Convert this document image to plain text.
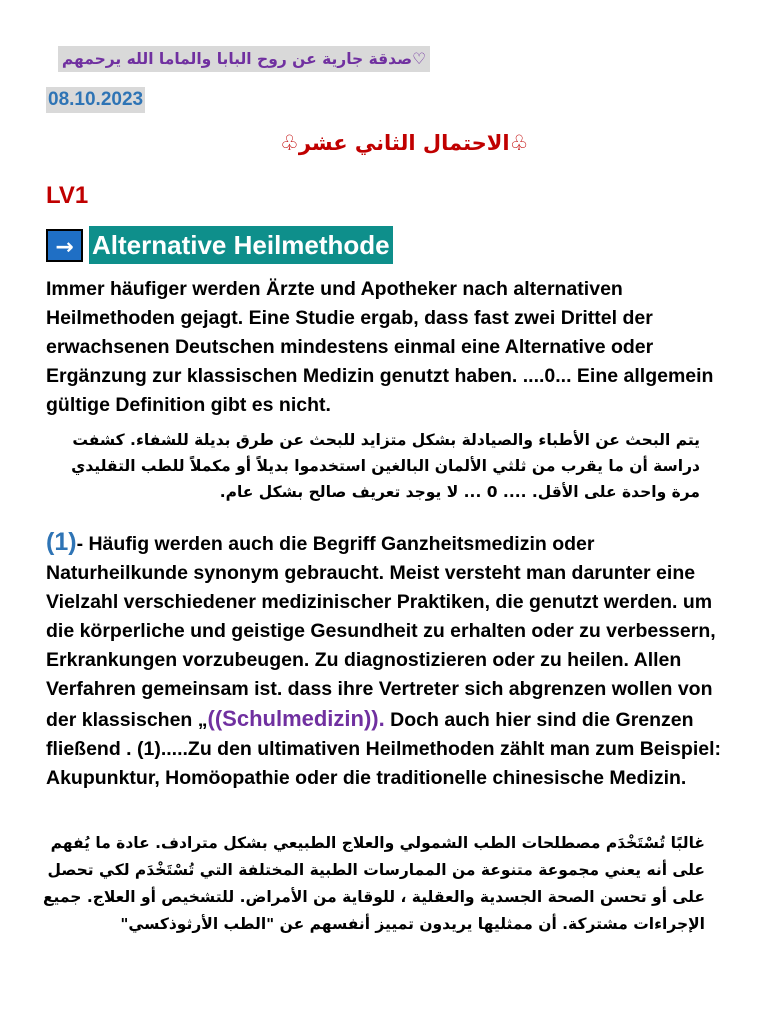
♡صدقة جارية عن روح البابا والماما الله يرحمهم
08.10.2023
♧الاحتمال الثاني عشر♧
LV1
→ Alternative Heilmethode
Immer häufiger werden Ärzte und Apotheker nach alternativen Heilmethoden gejagt. Eine Studie ergab, dass fast zwei Drittel der erwachsenen Deutschen mindestens einmal eine Alternative oder Ergänzung zur klassischen Medizin genutzt haben. ....0... Eine allgemein gültige Definition gibt es nicht.
يتم البحث عن الأطباء والصيادلة بشكل متزايد للبحث عن طرق بديلة للشفاء. كشفت دراسة أن ما يقرب من ثلثي الألمان البالغين استخدموا بديلاً أو مكملاً للطب التقليدي مرة واحدة على الأقل. .... 0 ... لا يوجد تعريف صالح بشكل عام.
(1)- Häufig werden auch die Begriff Ganzheitsmedizin oder Naturheilkunde synonym gebraucht. Meist versteht man darunter eine Vielzahl verschiedener medizinischer Praktiken, die genutzt werden. um die körperliche und geistige Gesundheit zu erhalten oder zu verbessern, Erkrankungen vorzubeugen. Zu diagnostizieren oder zu heilen. Allen Verfahren gemeinsam ist. dass ihre Vertreter sich abgrenzen wollen von der klassischen „((Schulmedizin)). Doch auch hier sind die Grenzen fließend . (1).....Zu den ultimativen Heilmethoden zählt man zum Beispiel: Akupunktur, Homöopathie oder die traditionelle chinesische Medizin.
غالبًا تُسْتَخْدَم مصطلحات الطب الشمولي والعلاج الطبيعي بشكل مترادف. عادة ما يُفهم على أنه يعني مجموعة متنوعة من الممارسات الطبية المختلفة التي تُسْتَخْدَم لكي تحصل على أو تحسن الصحة الجسدية والعقلية ، للوقاية من الأمراض. للتشخيص أو العلاج. جميع الإجراءات مشتركة. أن ممثليها يريدون تمييز أنفسهم عن "الطب الأرثوذكسي"
